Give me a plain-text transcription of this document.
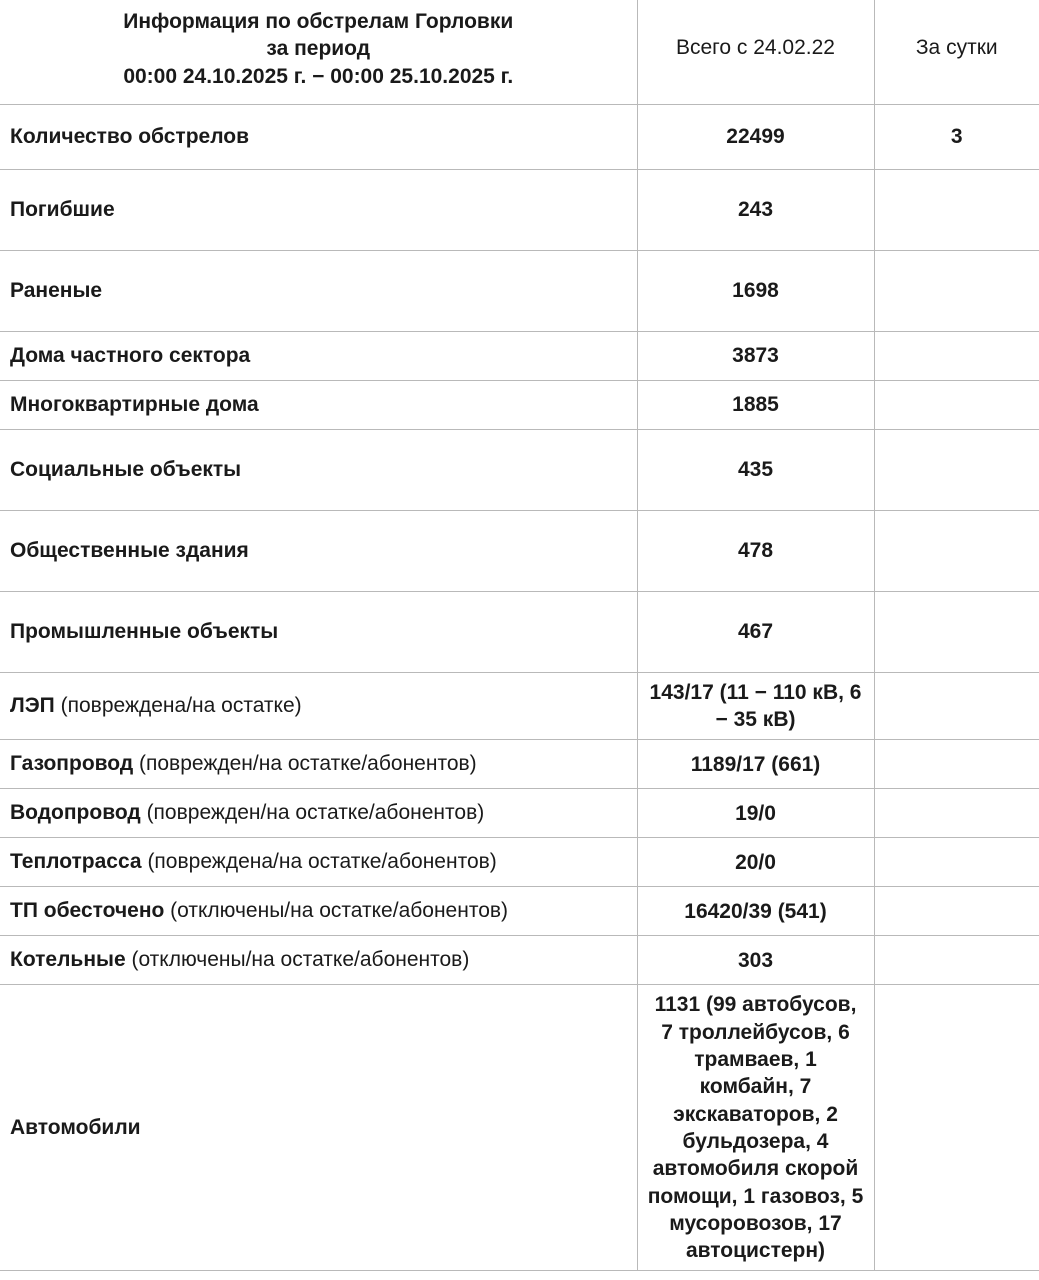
Информация по обстрелам Горловки
за период
00:00 24.10.2025 г. − 00:00 25.10.2025 г.	Всего с 24.02.22	За сутки
Количество обстрелов	22499	3
Погибшие	243	
Раненые	1698	
Дома частного сектора	3873	
Многоквартирные дома	1885	
Социальные объекты	435	
Общественные здания	478	
Промышленные объекты	467	
ЛЭП (повреждена/на остатке)	143/17 (11 − 110 кВ, 6 − 35 кВ)	
Газопровод (поврежден/на остатке/абонентов)	1189/17 (661)	
Водопровод (поврежден/на остатке/абонентов)	19/0	
Теплотрасса (повреждена/на остатке/абонентов)	20/0	
ТП обесточено (отключены/на остатке/абонентов)	16420/39 (541)	
Котельные (отключены/на остатке/абонентов)	303	
Автомобили	1131 (99 автобусов, 7 троллейбусов, 6 трамваев, 1 комбайн, 7 экскаваторов, 2 бульдозера, 4 автомобиля скорой помощи, 1 газовоз, 5 мусоровозов, 17 автоцистерн)	
